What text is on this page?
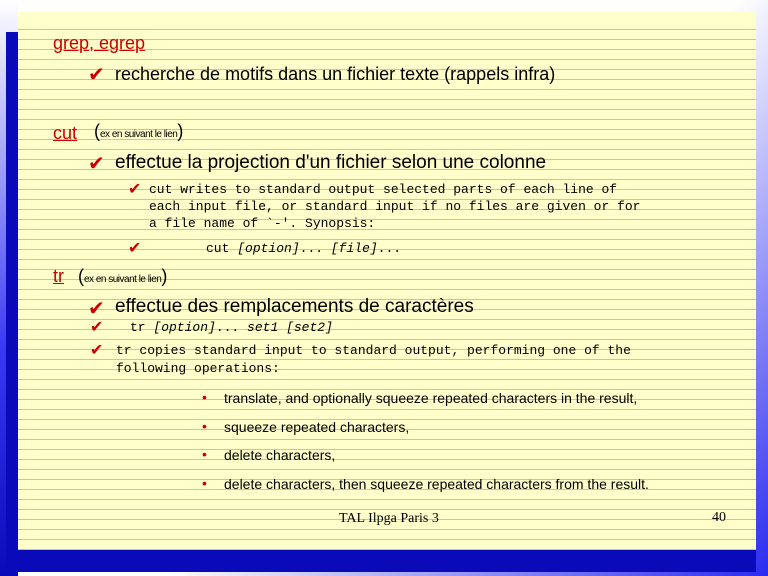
grep, egrep
✔ recherche de motifs dans un fichier texte (rappels infra)
cut (ex en suivant le lien)
✔ effectue la projection d'un fichier selon une colonne
✔ cut writes to standard output selected parts of each line of
each input file, or standard input if no files are given or for
a file name of `-'. Synopsis:
✔	cut [option]... [file]...
tr (ex en suivant le lien)
✔ effectue des remplacements de caractères
✔ tr [option]... set1 [set2]
✔ tr copies standard input to standard output, performing one of the
following operations:
• translate, and optionally squeeze repeated characters in the result,
• squeeze repeated characters,
• delete characters,
• delete characters, then squeeze repeated characters from the result.
TAL Ilpga Paris 3	40
